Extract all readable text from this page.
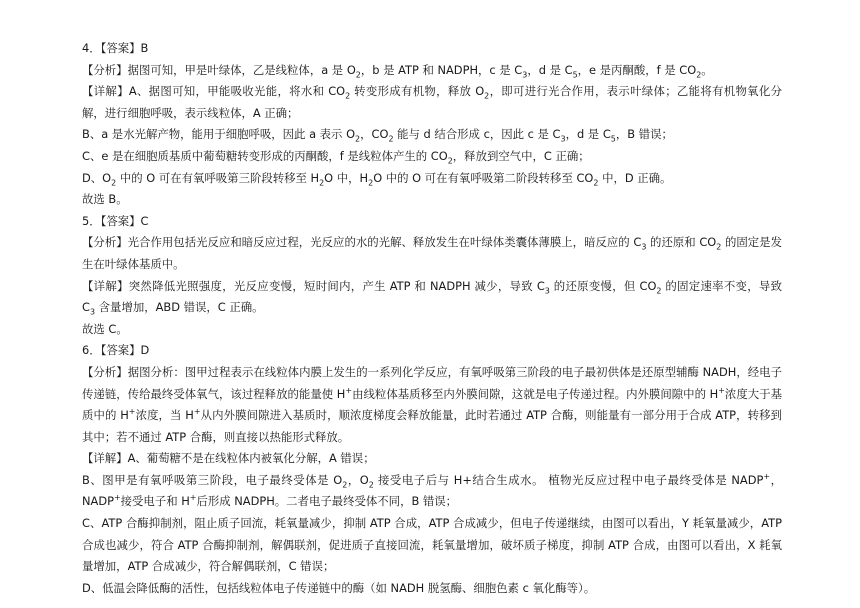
4．【答案】B
【分析】据图可知，甲是叶绿体，乙是线粒体，a 是 $O_2$，b 是 ATP 和 NADPH，c 是 $C_3$，d 是 $C_5$，e 是丙酮酸，f 是 $CO_2$。
【详解】A、据图可知，甲能吸收光能，将水和 $CO_2$ 转变形成有机物，释放 $O_2$，即可进行光合作用，表示叶绿体；乙能将有机物氧化分解，进行细胞呼吸，表示线粒体，A 正确；
B、a 是水光解产物，能用于细胞呼吸，因此 a 表示 $O_2$，$CO_2$ 能与 d 结合形成 c，因此 c 是 $C_3$，d 是 $C_5$，B 错误；
C、e 是在细胞质基质中葡萄糖转变形成的丙酮酸，f 是线粒体产生的 $CO_2$，释放到空气中，C 正确；
D、$O_2$ 中的 O 可在有氧呼吸第三阶段转移至 $H_2O$ 中，$H_2O$ 中的 O 可在有氧呼吸第二阶段转移至 $CO_2$ 中，D 正确。
故选 B。
5．【答案】C
【分析】光合作用包括光反应和暗反应过程，光反应的水的光解、释放发生在叶绿体类囊体薄膜上，暗反应的 $C_3$ 的还原和 $CO_2$ 的固定是发生在叶绿体基质中。
【详解】突然降低光照强度，光反应变慢，短时间内，产生 ATP 和 NADPH 减少，导致 $C_3$ 的还原变慢，但 $CO_2$ 的固定速率不变，导致 $C_3$ 含量增加，ABD 错误，C 正确。
故选 C。
6．【答案】D
【分析】据图分析：图甲过程表示在线粒体内膜上发生的一系列化学反应，有氧呼吸第三阶段的电子最初供体是还原型辅酶 NADH，经电子传递链，传给最终受体氧气，该过程释放的能量使 H+由线粒体基质移至内外膜间隙，这就是电子传递过程。内外膜间隙中的 H+浓度大于基质中的 H+浓度，当 H+从内外膜间隙进入基质时，顺浓度梯度会释放能量，此时若通过 ATP 合酶，则能量有一部分用于合成 ATP，转移到其中；若不通过 ATP 合酶，则直接以热能形式释放。
【详解】A、葡萄糖不是在线粒体内被氧化分解，A 错误；
B、图甲是有氧呼吸第三阶段，电子最终受体是 $O_2$，$O_2$ 接受电子后与 H+结合生成水。 植物光反应过程中电子最终受体是 NADP+，NADP+接受电子和 H+后形成 NADPH。二者电子最终受体不同，B 错误；
C、ATP 合酶抑制剂，阻止质子回流，耗氧量减少，抑制 ATP 合成，ATP 合成减少，但电子传递继续，由图可以看出，Y 耗氧量减少，ATP 合成也减少，符合 ATP 合酶抑制剂，解偶联剂，促进质子直接回流，耗氧量增加，破坏质子梯度，抑制 ATP 合成，由图可以看出，X 耗氧量增加，ATP 合成减少，符合解偶联剂，C 错误；
D、低温会降低酶的活性，包括线粒体电子传递链中的酶（如 NADH 脱氢酶、细胞色素 c 氧化酶等）。
